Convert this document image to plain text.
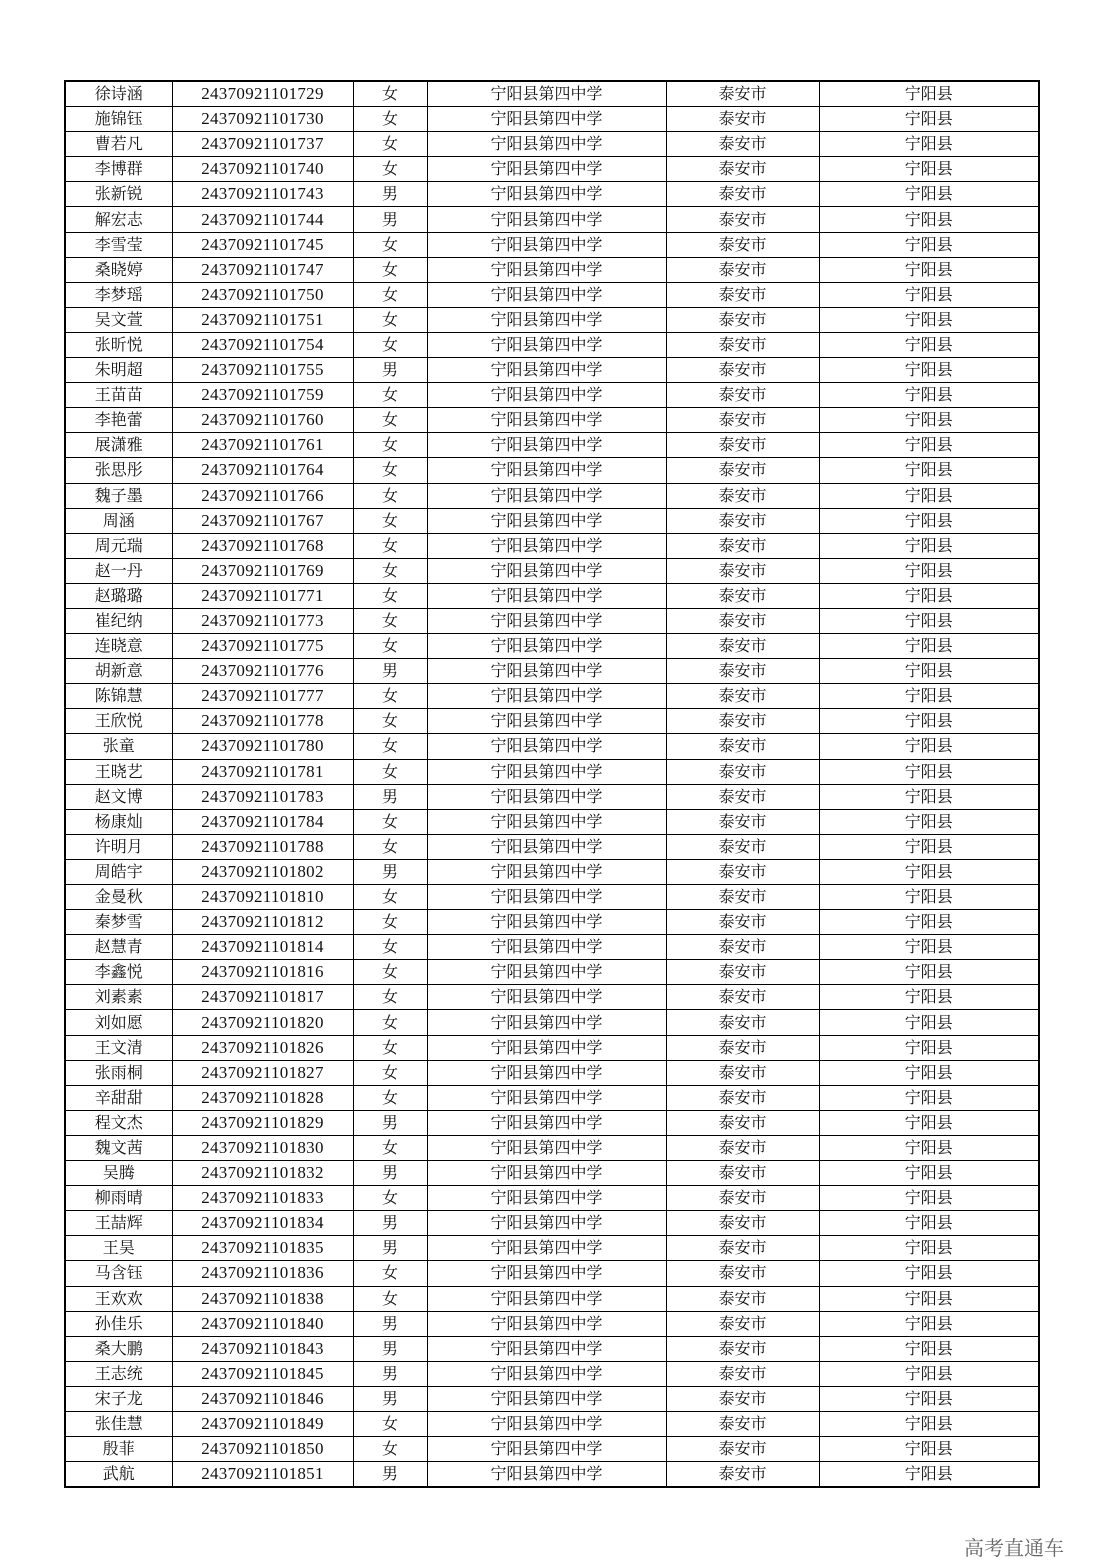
徐诗涵	24370921101729	女	宁阳县第四中学	泰安市	宁阳县
施锦钰	24370921101730	女	宁阳县第四中学	泰安市	宁阳县
曹若凡	24370921101737	女	宁阳县第四中学	泰安市	宁阳县
李博群	24370921101740	女	宁阳县第四中学	泰安市	宁阳县
张新锐	24370921101743	男	宁阳县第四中学	泰安市	宁阳县
解宏志	24370921101744	男	宁阳县第四中学	泰安市	宁阳县
李雪莹	24370921101745	女	宁阳县第四中学	泰安市	宁阳县
桑晓婷	24370921101747	女	宁阳县第四中学	泰安市	宁阳县
李梦瑶	24370921101750	女	宁阳县第四中学	泰安市	宁阳县
吴文萱	24370921101751	女	宁阳县第四中学	泰安市	宁阳县
张昕悦	24370921101754	女	宁阳县第四中学	泰安市	宁阳县
朱明超	24370921101755	男	宁阳县第四中学	泰安市	宁阳县
王苗苗	24370921101759	女	宁阳县第四中学	泰安市	宁阳县
李艳蕾	24370921101760	女	宁阳县第四中学	泰安市	宁阳县
展潇雅	24370921101761	女	宁阳县第四中学	泰安市	宁阳县
张思彤	24370921101764	女	宁阳县第四中学	泰安市	宁阳县
魏子墨	24370921101766	女	宁阳县第四中学	泰安市	宁阳县
周涵	24370921101767	女	宁阳县第四中学	泰安市	宁阳县
周元瑞	24370921101768	女	宁阳县第四中学	泰安市	宁阳县
赵一丹	24370921101769	女	宁阳县第四中学	泰安市	宁阳县
赵璐璐	24370921101771	女	宁阳县第四中学	泰安市	宁阳县
崔纪纳	24370921101773	女	宁阳县第四中学	泰安市	宁阳县
连晓意	24370921101775	女	宁阳县第四中学	泰安市	宁阳县
胡新意	24370921101776	男	宁阳县第四中学	泰安市	宁阳县
陈锦慧	24370921101777	女	宁阳县第四中学	泰安市	宁阳县
王欣悦	24370921101778	女	宁阳县第四中学	泰安市	宁阳县
张童	24370921101780	女	宁阳县第四中学	泰安市	宁阳县
王晓艺	24370921101781	女	宁阳县第四中学	泰安市	宁阳县
赵文博	24370921101783	男	宁阳县第四中学	泰安市	宁阳县
杨康灿	24370921101784	女	宁阳县第四中学	泰安市	宁阳县
许明月	24370921101788	女	宁阳县第四中学	泰安市	宁阳县
周皓宇	24370921101802	男	宁阳县第四中学	泰安市	宁阳县
金曼秋	24370921101810	女	宁阳县第四中学	泰安市	宁阳县
秦梦雪	24370921101812	女	宁阳县第四中学	泰安市	宁阳县
赵慧青	24370921101814	女	宁阳县第四中学	泰安市	宁阳县
李鑫悦	24370921101816	女	宁阳县第四中学	泰安市	宁阳县
刘素素	24370921101817	女	宁阳县第四中学	泰安市	宁阳县
刘如愿	24370921101820	女	宁阳县第四中学	泰安市	宁阳县
王文清	24370921101826	女	宁阳县第四中学	泰安市	宁阳县
张雨桐	24370921101827	女	宁阳县第四中学	泰安市	宁阳县
辛甜甜	24370921101828	女	宁阳县第四中学	泰安市	宁阳县
程文杰	24370921101829	男	宁阳县第四中学	泰安市	宁阳县
魏文茜	24370921101830	女	宁阳县第四中学	泰安市	宁阳县
吴腾	24370921101832	男	宁阳县第四中学	泰安市	宁阳县
柳雨晴	24370921101833	女	宁阳县第四中学	泰安市	宁阳县
王喆辉	24370921101834	男	宁阳县第四中学	泰安市	宁阳县
王昊	24370921101835	男	宁阳县第四中学	泰安市	宁阳县
马含钰	24370921101836	女	宁阳县第四中学	泰安市	宁阳县
王欢欢	24370921101838	女	宁阳县第四中学	泰安市	宁阳县
孙佳乐	24370921101840	男	宁阳县第四中学	泰安市	宁阳县
桑大鹏	24370921101843	男	宁阳县第四中学	泰安市	宁阳县
王志统	24370921101845	男	宁阳县第四中学	泰安市	宁阳县
宋子龙	24370921101846	男	宁阳县第四中学	泰安市	宁阳县
张佳慧	24370921101849	女	宁阳县第四中学	泰安市	宁阳县
殷菲	24370921101850	女	宁阳县第四中学	泰安市	宁阳县
武航	24370921101851	男	宁阳县第四中学	泰安市	宁阳县
高考直通车
